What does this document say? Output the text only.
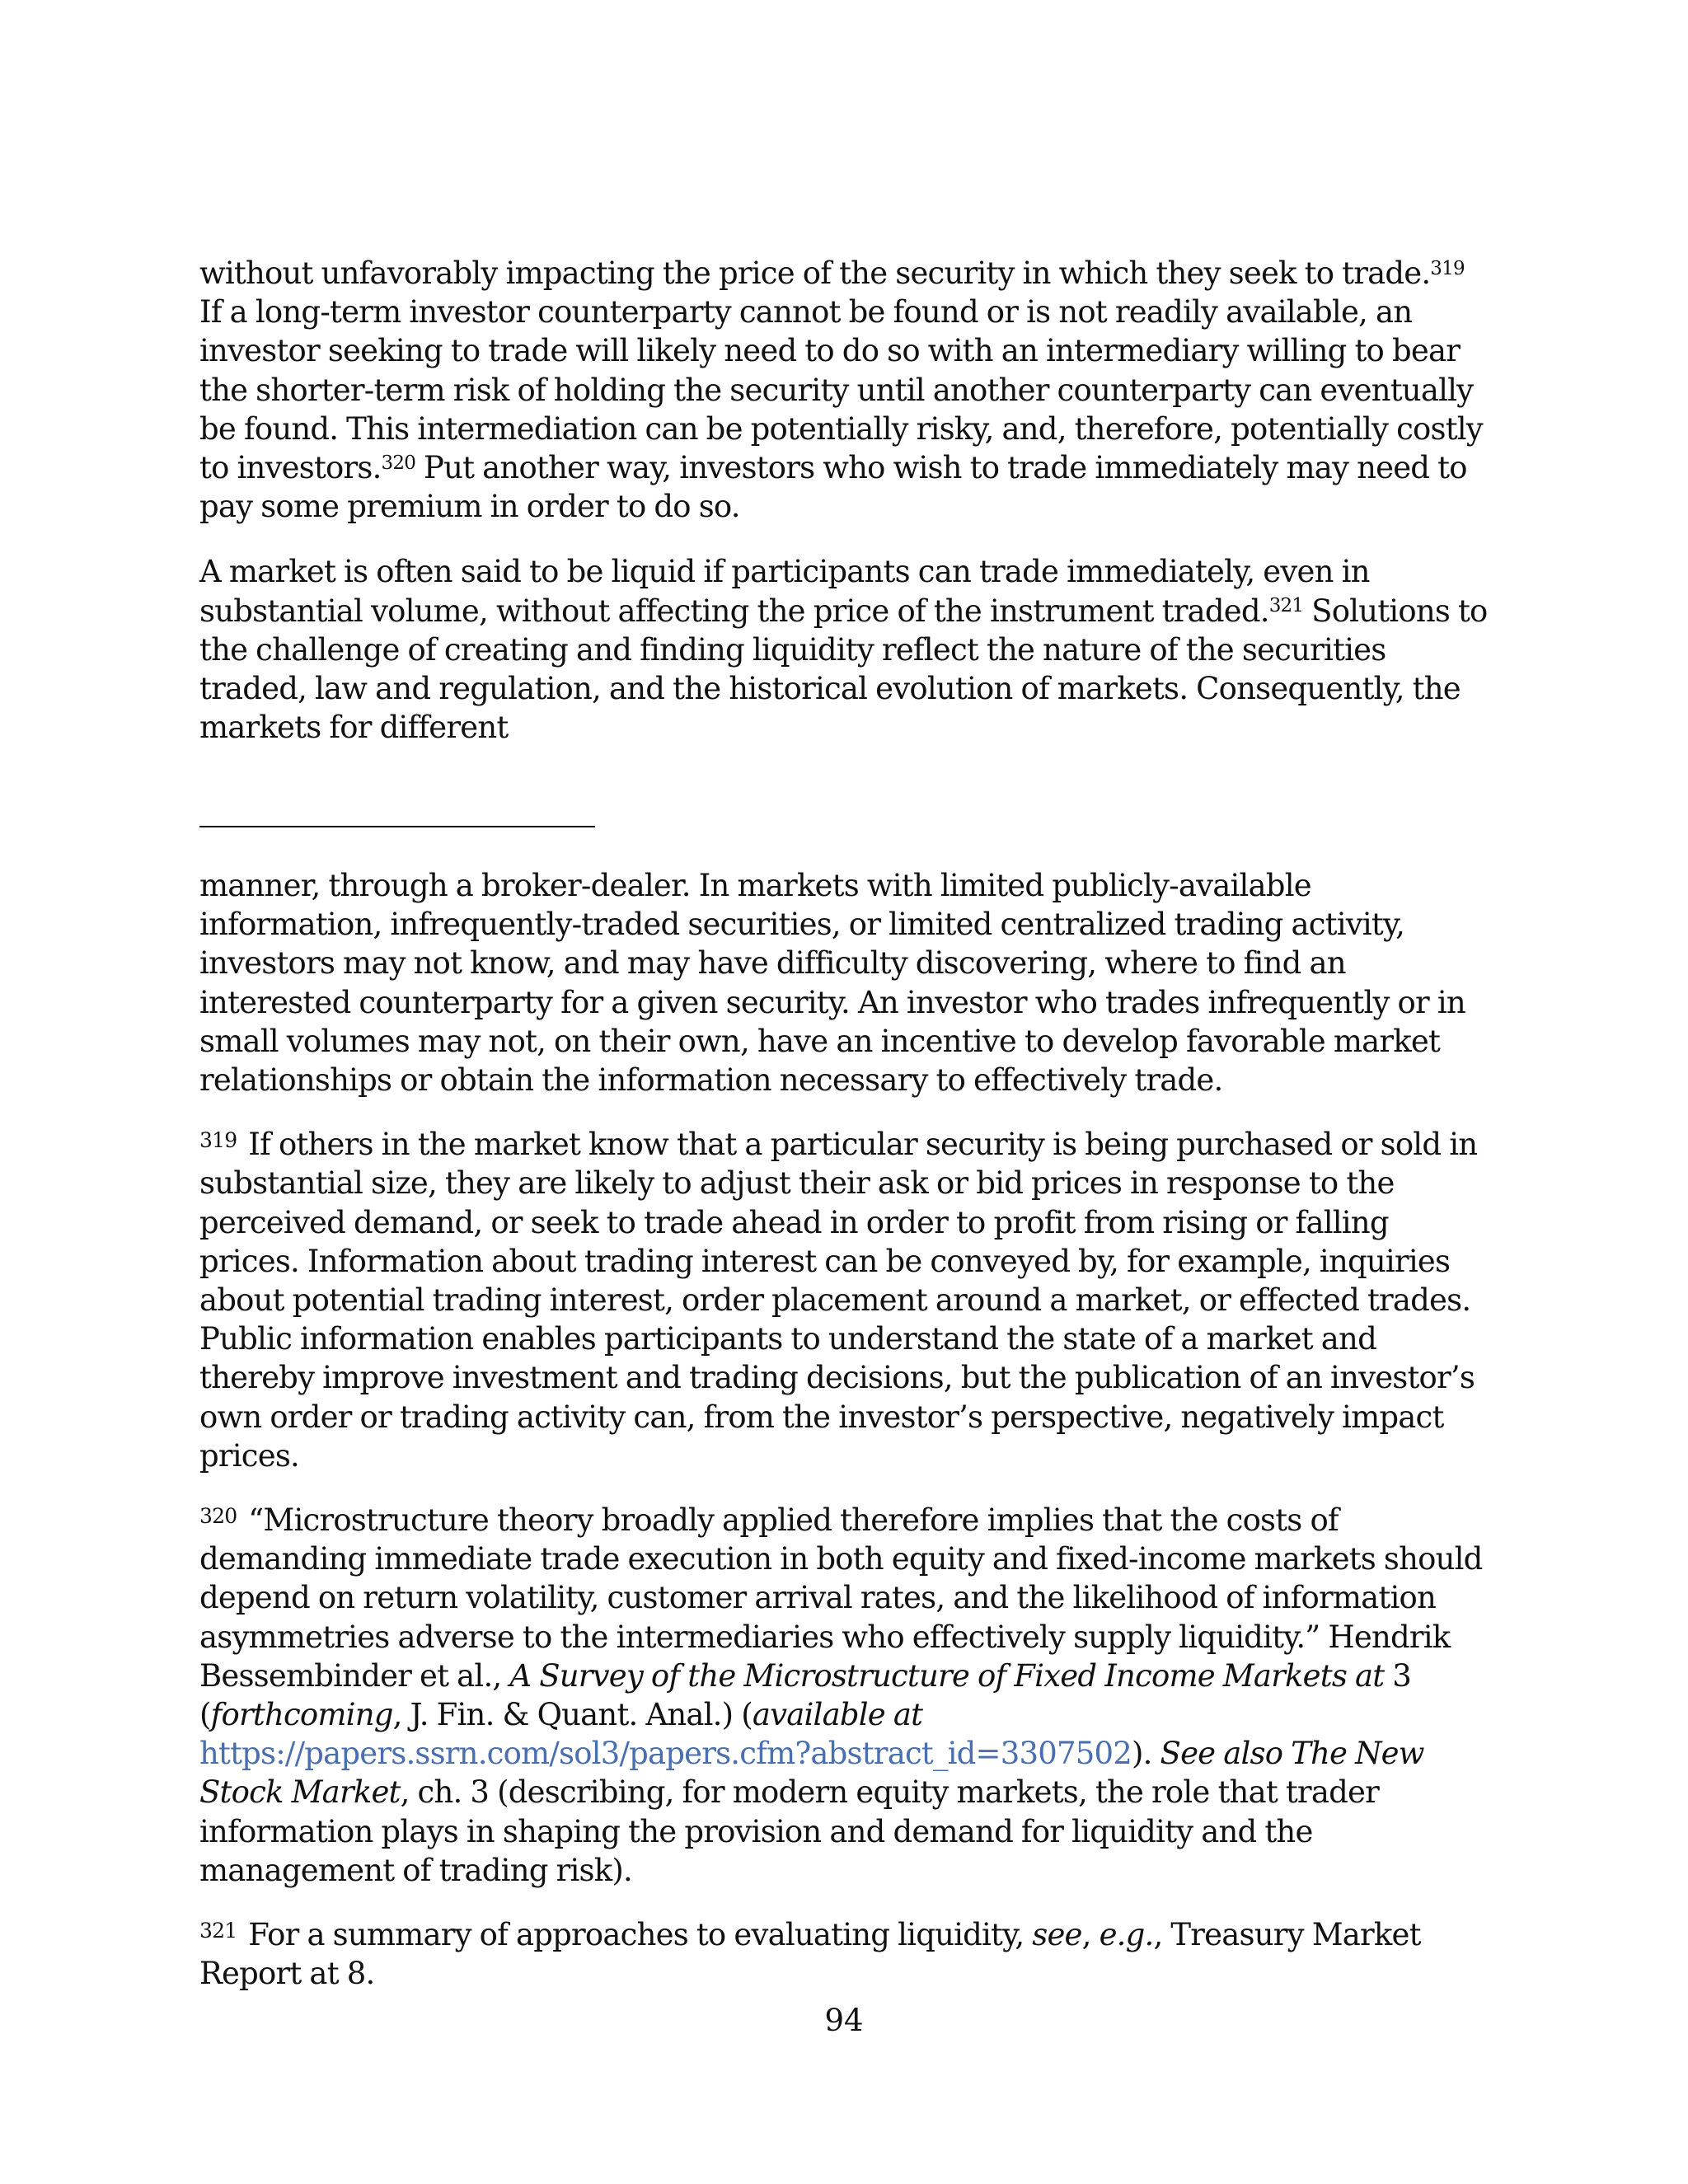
without unfavorably impacting the price of the security in which they seek to trade.$^{319}$ If a long-term investor counterparty cannot be found or is not readily available, an investor seeking to trade will likely need to do so with an intermediary willing to bear the shorter-term risk of holding the security until another counterparty can eventually be found. This intermediation can be potentially risky, and, therefore, potentially costly to investors.$^{320}$ Put another way, investors who wish to trade immediately may need to pay some premium in order to do so.

A market is often said to be liquid if participants can trade immediately, even in substantial volume, without affecting the price of the instrument traded.$^{321}$ Solutions to the challenge of creating and finding liquidity reflect the nature of the securities traded, law and regulation, and the historical evolution of markets. Consequently, the markets for different

manner, through a broker-dealer. In markets with limited publicly-available information, infrequently-traded securities, or limited centralized trading activity, investors may not know, and may have difficulty discovering, where to find an interested counterparty for a given security. An investor who trades infrequently or in small volumes may not, on their own, have an incentive to develop favorable market relationships or obtain the information necessary to effectively trade.

$^{319}$ If others in the market know that a particular security is being purchased or sold in substantial size, they are likely to adjust their ask or bid prices in response to the perceived demand, or seek to trade ahead in order to profit from rising or falling prices. Information about trading interest can be conveyed by, for example, inquiries about potential trading interest, order placement around a market, or effected trades. Public information enables participants to understand the state of a market and thereby improve investment and trading decisions, but the publication of an investor’s own order or trading activity can, from the investor’s perspective, negatively impact prices.

$^{320}$ “Microstructure theory broadly applied therefore implies that the costs of demanding immediate trade execution in both equity and fixed-income markets should depend on return volatility, customer arrival rates, and the likelihood of information asymmetries adverse to the intermediaries who effectively supply liquidity.” Hendrik Bessembinder et al., A Survey of the Microstructure of Fixed Income Markets at 3 (forthcoming, J. Fin. & Quant. Anal.) (available at https://papers.ssrn.com/sol3/papers.cfm?abstract_id=3307502). See also The New Stock Market, ch. 3 (describing, for modern equity markets, the role that trader information plays in shaping the provision and demand for liquidity and the management of trading risk).

$^{321}$ For a summary of approaches to evaluating liquidity, see, e.g., Treasury Market Report at 8.

94
